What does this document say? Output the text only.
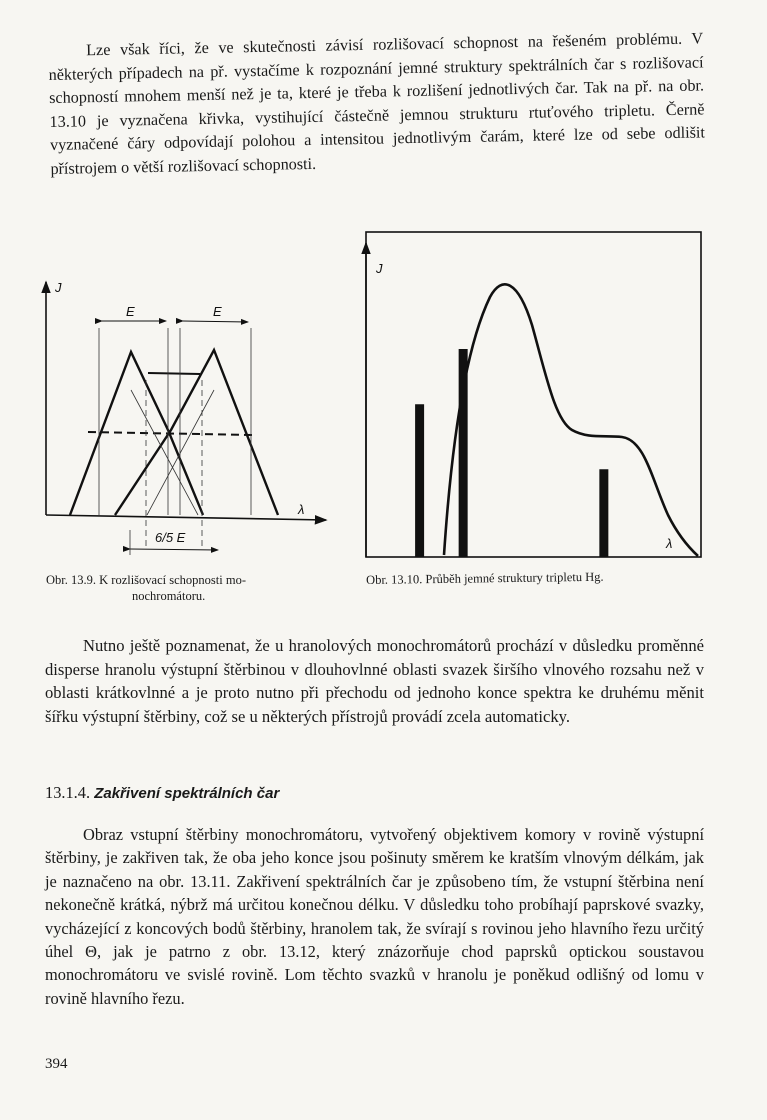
Lze však říci, že ve skutečnosti závisí rozlišovací schopnost na řešeném problému. V některých případech na př. vystačíme k rozpoznání jemné struktury spektrálních čar s rozlišovací schopností mnohem menší než je ta, které je třeba k rozlišení jednotlivých čar. Tak na př. na obr. 13.10 je vyznačena křivka, vystihující částečně jemnou strukturu rtuťového tripletu. Černě vyznačené čáry odpovídají polohou a intensitou jednotlivým čarám, které lze od sebe odlišit přístrojem o větší rozlišovací schopnosti.

J
λ
E	E
6/5 E
J
λ

Obr. 13.9. K rozlišovací schopnosti mo-
nochromátoru.

Obr. 13.10. Průběh jemné struktury tripletu Hg.

Nutno ještě poznamenat, že u hranolových monochromátorů prochází v důsledku proměnné disperse hranolu výstupní štěrbinou v dlouhovlnné oblasti svazek širšího vlnového rozsahu než v oblasti krátkovlnné a je proto nutno při přechodu od jednoho konce spektra ke druhému měnit šířku výstupní štěrbiny, což se u některých přístrojů provádí zcela automaticky.

13.1.4. Zakřivení spektrálních čar

Obraz vstupní štěrbiny monochromátoru, vytvořený objektivem komory v rovině výstupní štěrbiny, je zakřiven tak, že oba jeho konce jsou pošinuty směrem ke kratším vlnovým délkám, jak je naznačeno na obr. 13.11. Zakřivení spektrálních čar je způsobeno tím, že vstupní štěrbina není nekonečně krátká, nýbrž má určitou konečnou délku. V důsledku toho probíhají paprskové svazky, vycházející z koncových bodů štěrbiny, hranolem tak, že svírají s rovinou jeho hlavního řezu určitý úhel Θ, jak je patrno z obr. 13.12, který znázorňuje chod paprsků optickou soustavou monochromátoru ve svislé rovině. Lom těchto svazků v hranolu je poněkud odlišný od lomu v rovině hlavního řezu.

394
